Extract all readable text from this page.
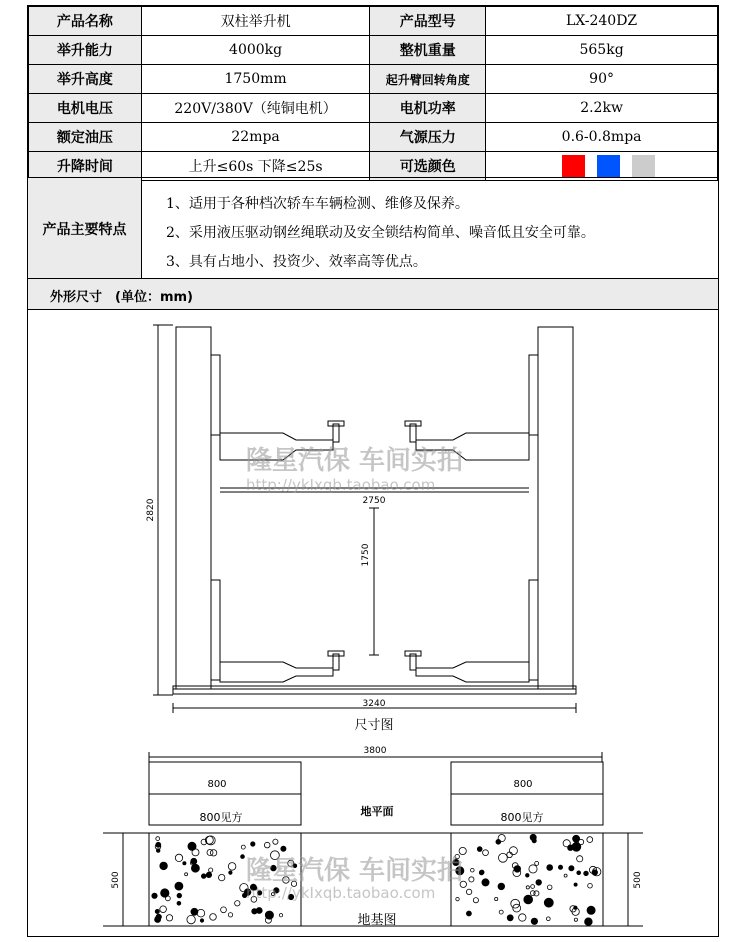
产品名称	双柱举升机	产品型号	LX-240DZ
举升能力	4000kg	整机重量	565kg
举升高度	1750mm	起升臂回转角度	90°
电机电压	220V/380V（纯铜电机）	电机功率	2.2kw
额定油压	22mpa	气源压力	0.6-0.8mpa
升降时间	上升≤60s 下降≤25s	可选颜色	
产品主要特点
1、适用于各种档次轿车车辆检测、维修及保养。
2、采用液压驱动钢丝绳联动及安全锁结构简单、噪音低且安全可靠。
3、具有占地小、投资少、效率高等优点。
外形尺寸　(单位：mm)
2820	2750
1750
3240
尺寸图
3800
800
800见方
800
800见方
地平面
500	500
地基图
隆星汽保 车间实拍
http://ykIxqb.taobao.com
隆星汽保 车间实拍
http://ykIxqb.taobao.com
